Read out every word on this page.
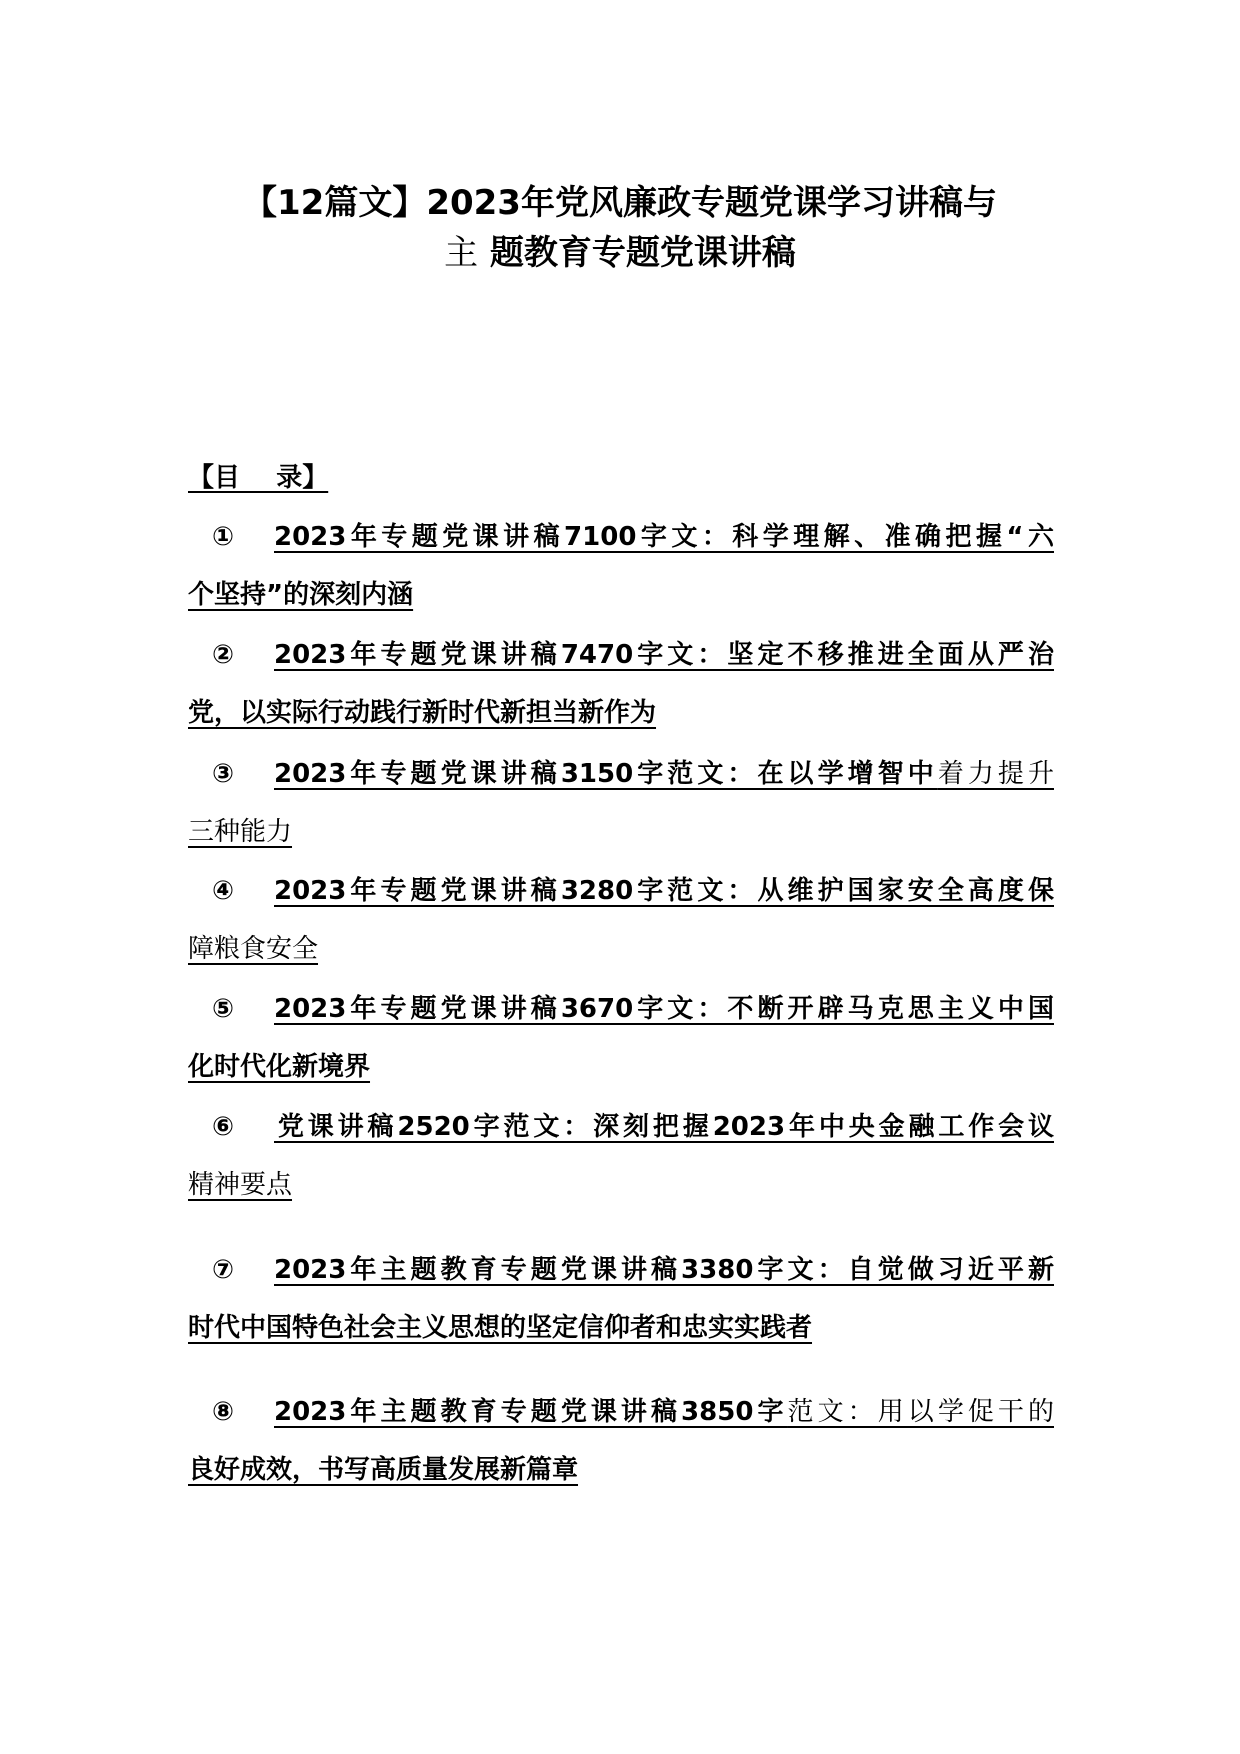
【12篇文】2023年党风廉政专题党课学习讲稿与
主 题教育专题党课讲稿
【目    录】
① 2023年专题党课讲稿7100字文：科学理解、准确把握“六
个坚持”的深刻内涵
② 2023年专题党课讲稿7470字文：坚定不移推进全面从严治
党，以实际行动践行新时代新担当新作为
③ 2023年专题党课讲稿3150字范文：在以学增智中着力提升
三种能力
④ 2023年专题党课讲稿3280字范文：从维护国家安全高度保
障粮食安全
⑤ 2023年专题党课讲稿3670字文：不断开辟马克思主义中国
化时代化新境界
⑥ 党课讲稿2520字范文：深刻把握2023年中央金融工作会议
精神要点
⑦ 2023年主题教育专题党课讲稿3380字文：自觉做习近平新
时代中国特色社会主义思想的坚定信仰者和忠实实践者
⑧ 2023年主题教育专题党课讲稿3850字范文：用以学促干的
良好成效，书写高质量发展新篇章
